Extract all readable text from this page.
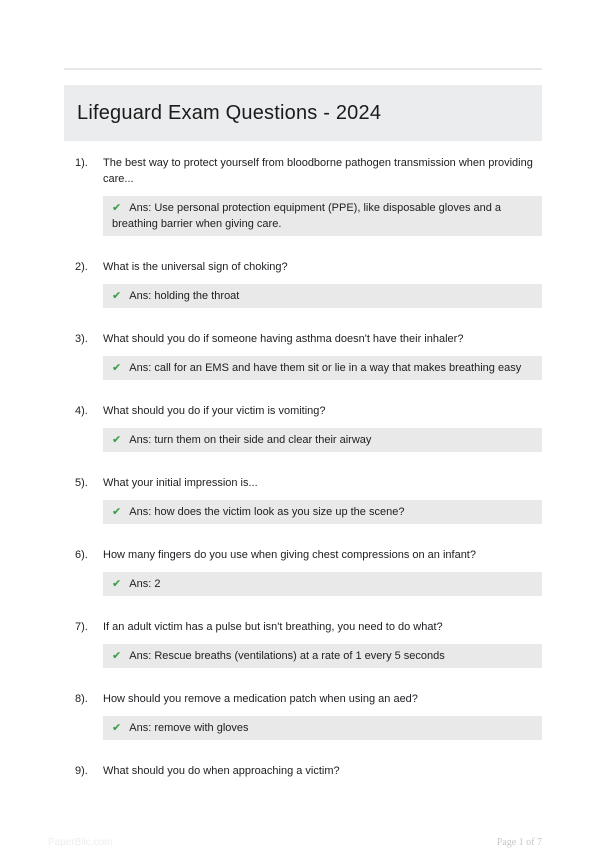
Lifeguard Exam Questions - 2024
1).	The best way to protect yourself from bloodborne pathogen transmission when providing care...
✔ Ans: Use personal protection equipment (PPE), like disposable gloves and a breathing barrier when giving care.
2).	What is the universal sign of choking?
✔ Ans: holding the throat
3).	What should you do if someone having asthma doesn't have their inhaler?
✔ Ans: call for an EMS and have them sit or lie in a way that makes breathing easy
4).	What should you do if your victim is vomiting?
✔ Ans: turn them on their side and clear their airway
5).	What your initial impression is...
✔ Ans: how does the victim look as you size up the scene?
6).	How many fingers do you use when giving chest compressions on an infant?
✔ Ans: 2
7).	If an adult victim has a pulse but isn't breathing, you need to do what?
✔ Ans: Rescue breaths (ventilations) at a rate of 1 every 5 seconds
8).	How should you remove a medication patch when using an aed?
✔ Ans: remove with gloves
9).	What should you do when approaching a victim?
PaperBlic.com	Page 1 of 7
